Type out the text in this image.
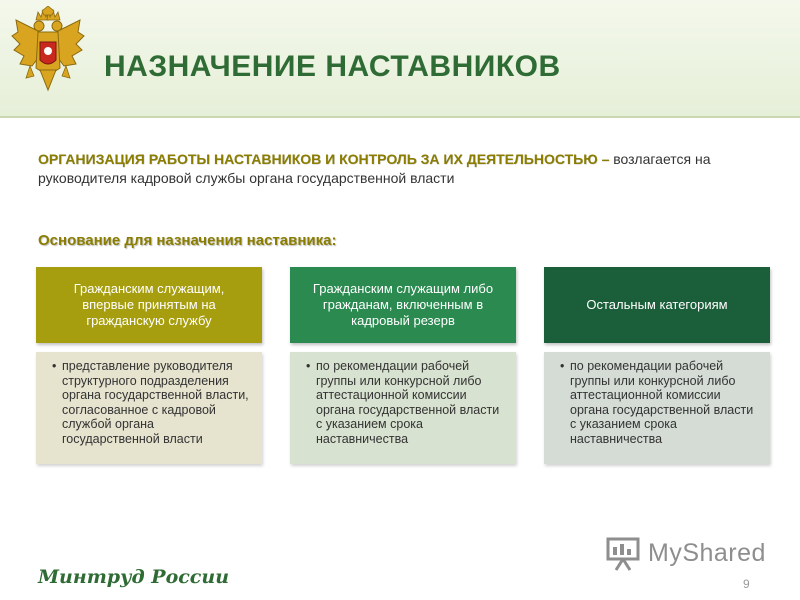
НАЗНАЧЕНИЕ НАСТАВНИКОВ
ОРГАНИЗАЦИЯ РАБОТЫ НАСТАВНИКОВ И КОНТРОЛЬ ЗА ИХ ДЕЯТЕЛЬНОСТЬЮ – возлагается на руководителя кадровой службы органа государственной власти
Основание для назначения наставника:
Гражданским служащим, впервые принятым на гражданскую службу
• представление руководителя структурного подразделения органа государственной власти, согласованное с кадровой службой органа государственной власти
Гражданским служащим либо гражданам, включенным в кадровый резерв
• по рекомендации рабочей группы или конкурсной либо аттестационной комиссии органа государственной власти с указанием срока наставничества
Остальным категориям
• по рекомендации рабочей группы или конкурсной либо аттестационной комиссии органа государственной власти с указанием срока наставничества
MyShared
Минтруд России	9
